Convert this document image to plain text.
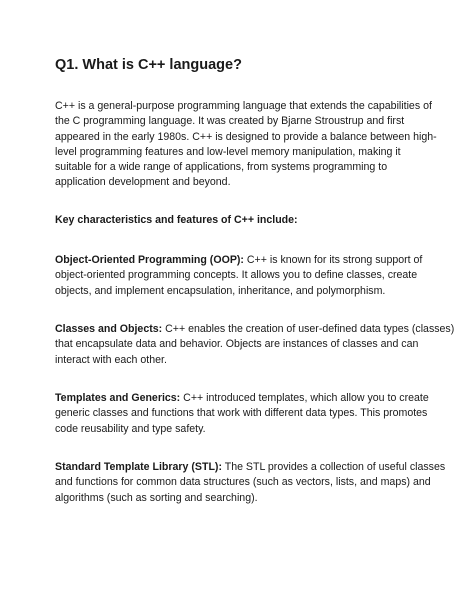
Q1. What is C++ language?

C++ is a general-purpose programming language that extends the capabilities of
the C programming language. It was created by Bjarne Stroustrup and first
appeared in the early 1980s. C++ is designed to provide a balance between high-
level programming features and low-level memory manipulation, making it
suitable for a wide range of applications, from systems programming to
application development and beyond.

Key characteristics and features of C++ include:

Object-Oriented Programming (OOP): C++ is known for its strong support of
object-oriented programming concepts. It allows you to define classes, create
objects, and implement encapsulation, inheritance, and polymorphism.

Classes and Objects: C++ enables the creation of user-defined data types (classes)
that encapsulate data and behavior. Objects are instances of classes and can
interact with each other.

Templates and Generics: C++ introduced templates, which allow you to create
generic classes and functions that work with different data types. This promotes
code reusability and type safety.

Standard Template Library (STL): The STL provides a collection of useful classes
and functions for common data structures (such as vectors, lists, and maps) and
algorithms (such as sorting and searching).
